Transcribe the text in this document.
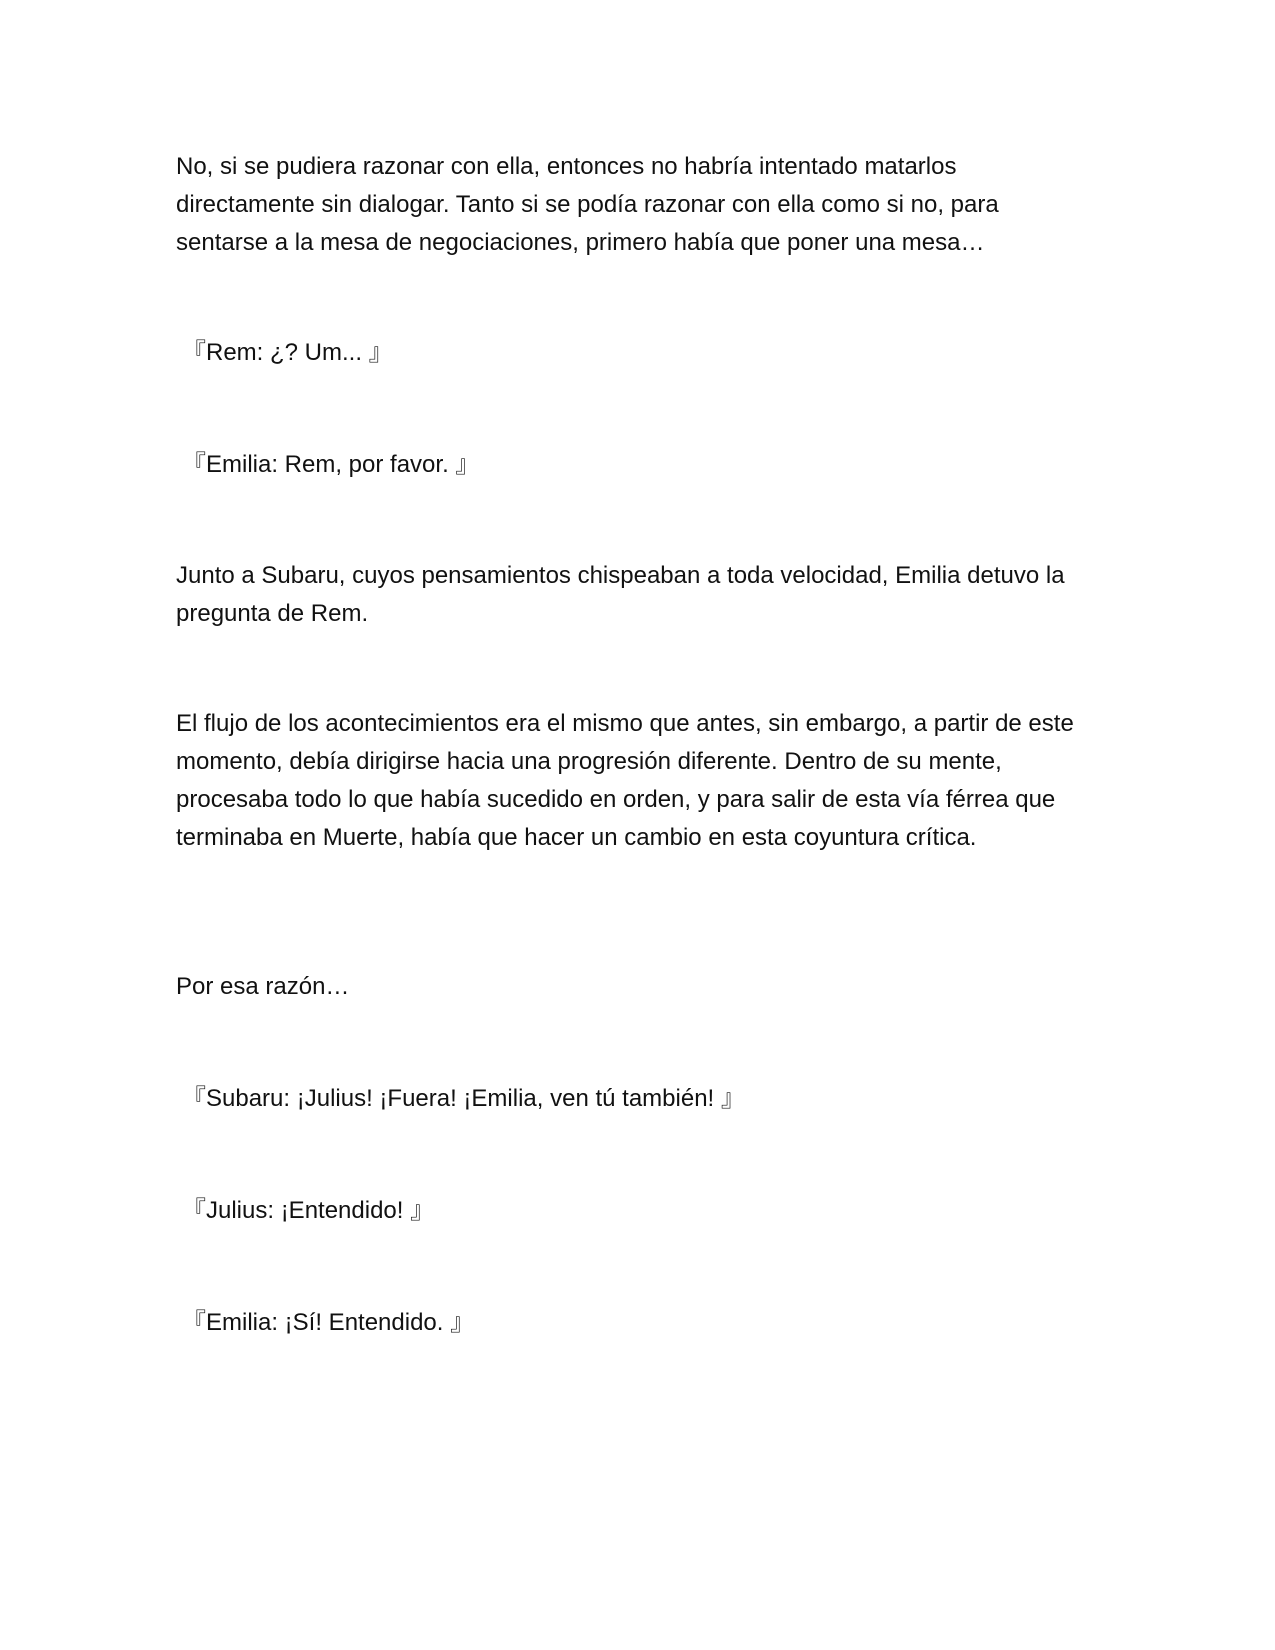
No, si se pudiera razonar con ella, entonces no habría intentado matarlos directamente sin dialogar. Tanto si se podía razonar con ella como si no, para sentarse a la mesa de negociaciones, primero había que poner una mesa…

『Rem: ¿? Um... 』

『Emilia: Rem, por favor. 』

Junto a Subaru, cuyos pensamientos chispeaban a toda velocidad, Emilia detuvo la pregunta de Rem.

El flujo de los acontecimientos era el mismo que antes, sin embargo, a partir de este momento, debía dirigirse hacia una progresión diferente. Dentro de su mente, procesaba todo lo que había sucedido en orden, y para salir de esta vía férrea que terminaba en Muerte, había que hacer un cambio en esta coyuntura crítica.

Por esa razón…

『Subaru: ¡Julius! ¡Fuera! ¡Emilia, ven tú también! 』

『Julius: ¡Entendido! 』

『Emilia: ¡Sí! Entendido. 』
